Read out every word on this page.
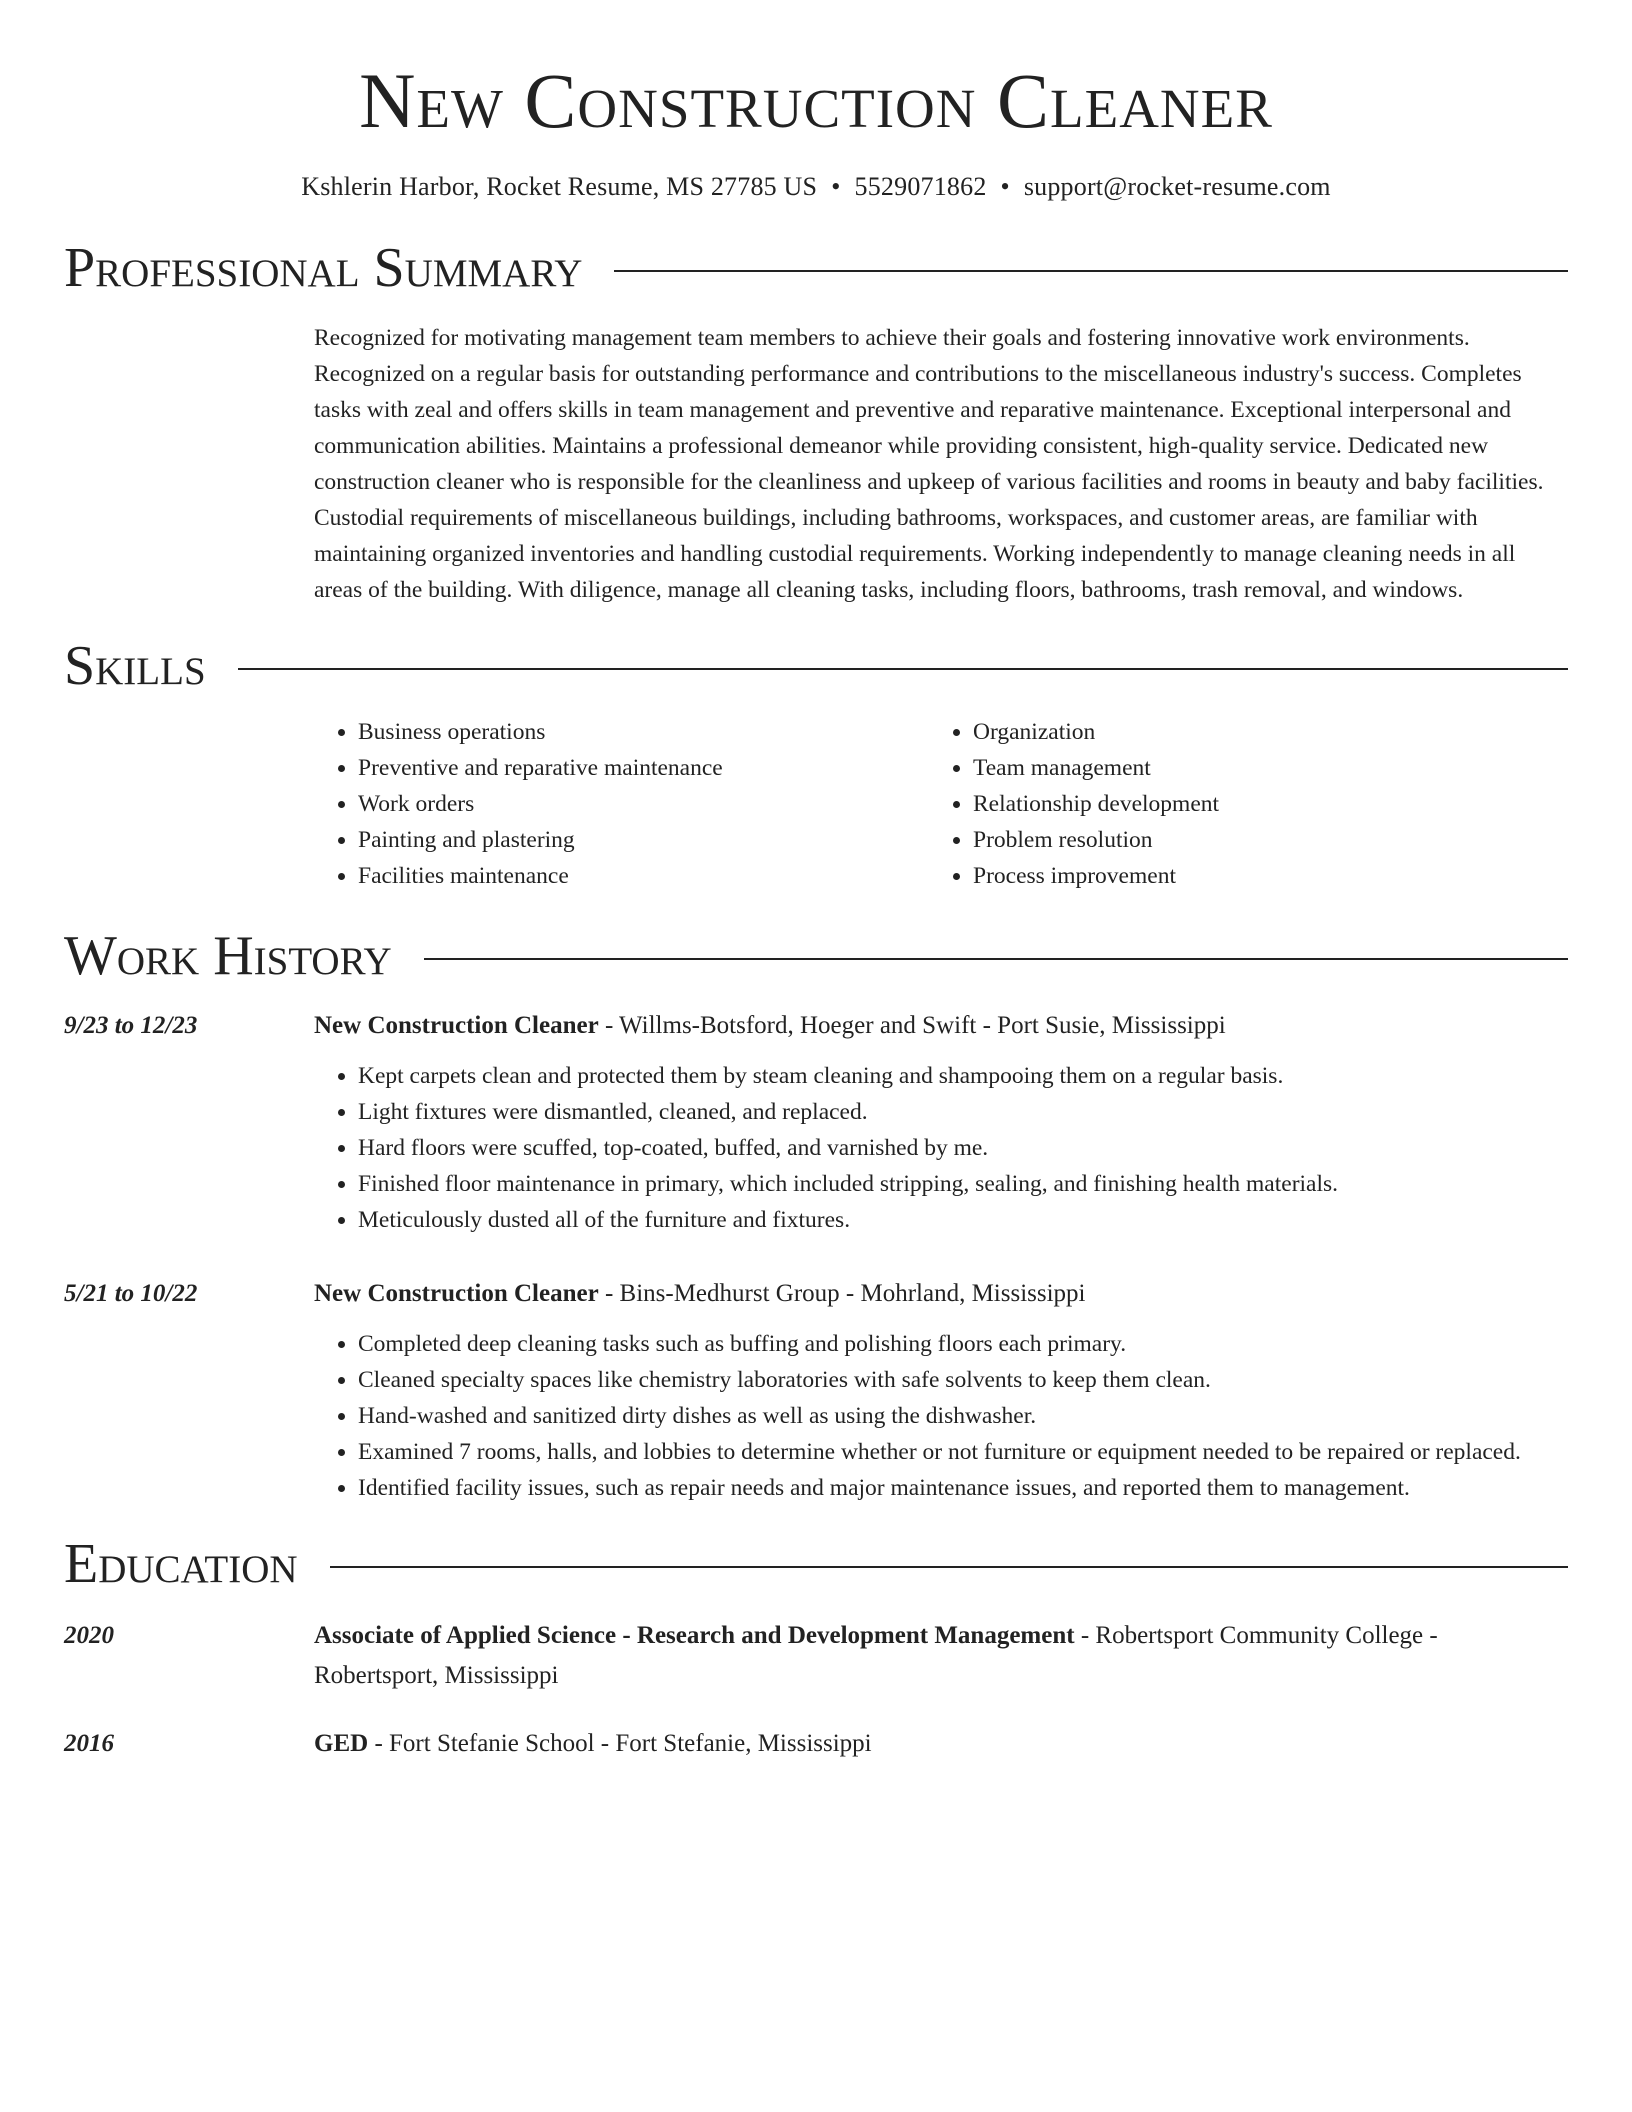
New Construction Cleaner
Kshlerin Harbor, Rocket Resume, MS 27785 US • 5529071862 • support@rocket-resume.com
Professional Summary
Recognized for motivating management team members to achieve their goals and fostering innovative work environments. Recognized on a regular basis for outstanding performance and contributions to the miscellaneous industry's success. Completes tasks with zeal and offers skills in team management and preventive and reparative maintenance. Exceptional interpersonal and communication abilities. Maintains a professional demeanor while providing consistent, high-quality service. Dedicated new construction cleaner who is responsible for the cleanliness and upkeep of various facilities and rooms in beauty and baby facilities. Custodial requirements of miscellaneous buildings, including bathrooms, workspaces, and customer areas, are familiar with maintaining organized inventories and handling custodial requirements. Working independently to manage cleaning needs in all areas of the building. With diligence, manage all cleaning tasks, including floors, bathrooms, trash removal, and windows.
Skills
• Business operations
• Preventive and reparative maintenance
• Work orders
• Painting and plastering
• Facilities maintenance
• Organization
• Team management
• Relationship development
• Problem resolution
• Process improvement
Work History
9/23 to 12/23	New Construction Cleaner - Willms-Botsford, Hoeger and Swift - Port Susie, Mississippi
• Kept carpets clean and protected them by steam cleaning and shampooing them on a regular basis.
• Light fixtures were dismantled, cleaned, and replaced.
• Hard floors were scuffed, top-coated, buffed, and varnished by me.
• Finished floor maintenance in primary, which included stripping, sealing, and finishing health materials.
• Meticulously dusted all of the furniture and fixtures.
5/21 to 10/22	New Construction Cleaner - Bins-Medhurst Group - Mohrland, Mississippi
• Completed deep cleaning tasks such as buffing and polishing floors each primary.
• Cleaned specialty spaces like chemistry laboratories with safe solvents to keep them clean.
• Hand-washed and sanitized dirty dishes as well as using the dishwasher.
• Examined 7 rooms, halls, and lobbies to determine whether or not furniture or equipment needed to be repaired or replaced.
• Identified facility issues, such as repair needs and major maintenance issues, and reported them to management.
Education
2020	Associate of Applied Science - Research and Development Management - Robertsport Community College - Robertsport, Mississippi
2016	GED - Fort Stefanie School - Fort Stefanie, Mississippi
